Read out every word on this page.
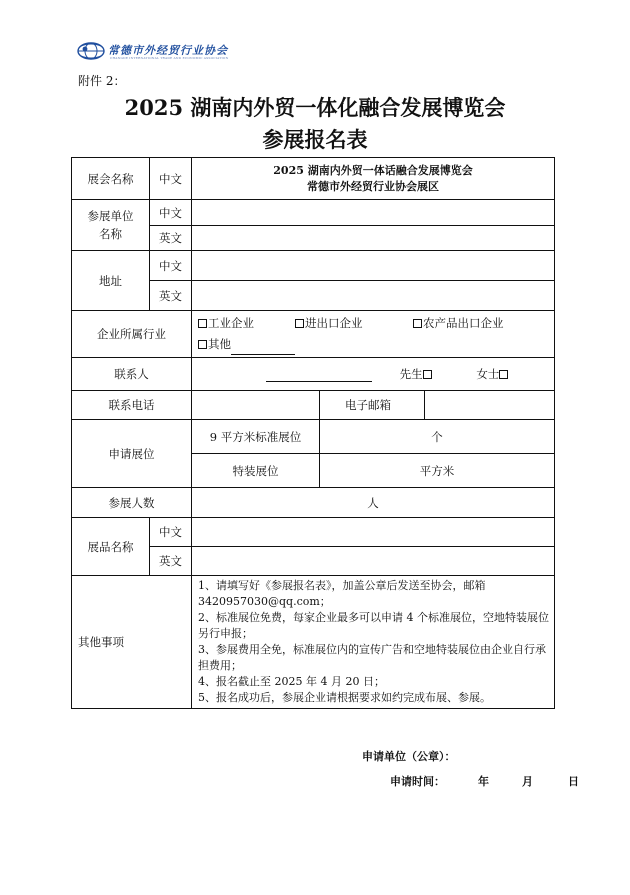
常德市外经贸行业协会
CHANGDE INTERNATIONAL TRADE AND ECONOMIC ASSOCIATION
附件 2：
2025 湖南内外贸一体化融合发展博览会
参展报名表
展会名称	中文	2025 湖南内外贸一体话融合发展博览会
常德市外经贸行业协会展区		

参展单位名称	中文			
	英文			
地址	中文			
	英文			
企业所属行业		工业企业 进出口企业 农产品出口企业
其他		
联系人		先生 女士		
联系电话			电子邮箱	
申请展位		9 平方米标准展位	个	
		特装展位	平方米	
参展人数		人		
展品名称	中文			
	英文			
其他事项		1、请填写好《参展报名表》，加盖公章后发送至协会，邮箱 3420957030@qq.com；
2、标准展位免费，每家企业最多可以申请 4 个标准展位，空地特装展位另行申报；
3、参展费用全免，标准展位内的宣传广告和空地特装展位由企业自行承担费用；
4、报名截止至 2025 年 4 月 20 日；
5、报名成功后，参展企业请根据要求如约完成布展、参展。		
申请单位（公章）：
申请时间：	年	月	日
